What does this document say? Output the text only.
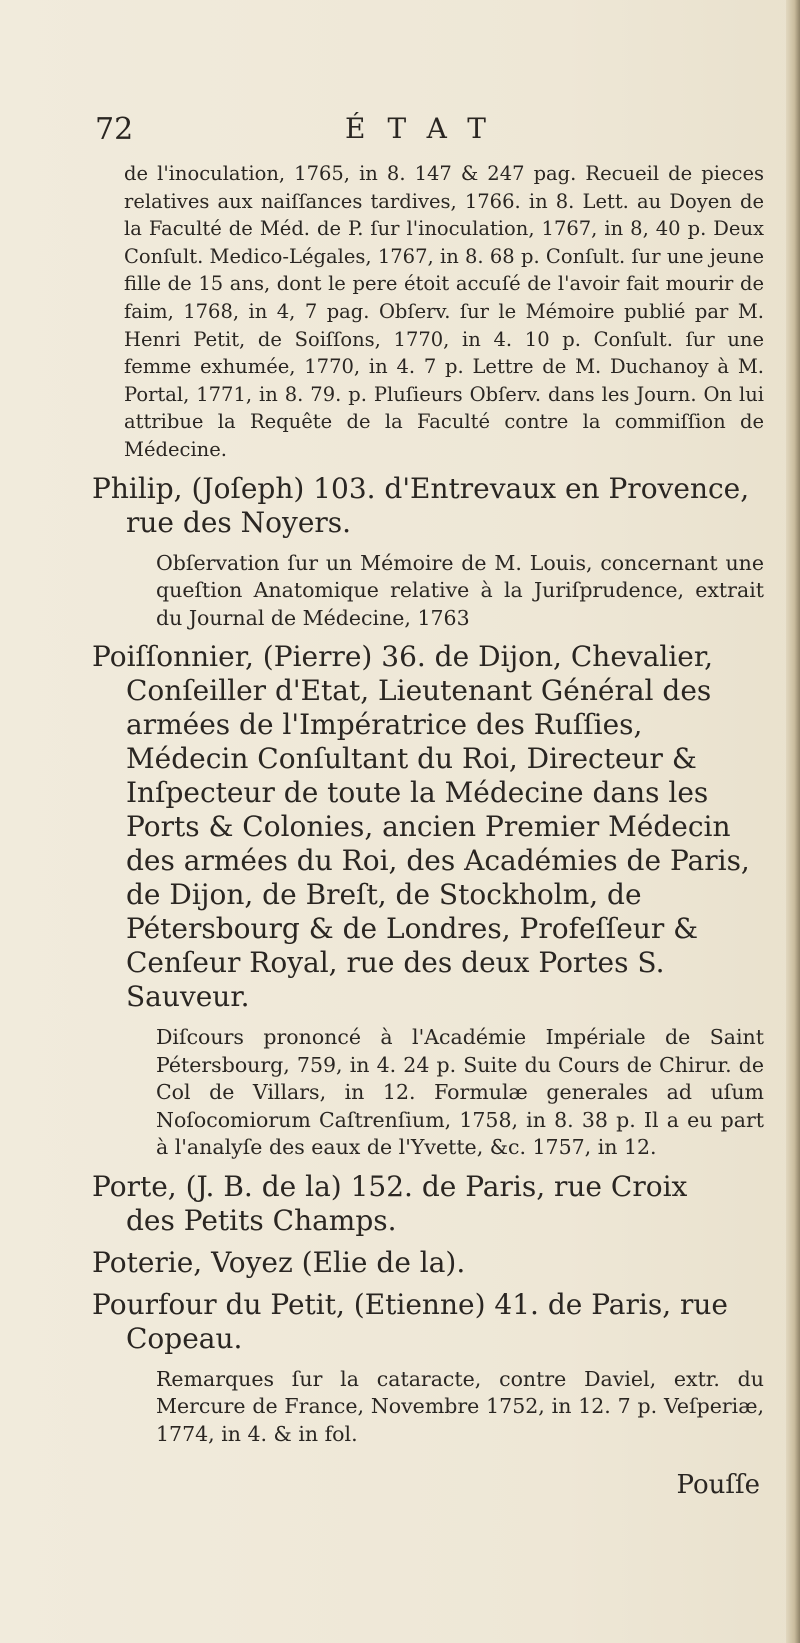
72	ÉTAT
de l'inoculation, 1765, in 8. 147 & 247 pag. Recueil de pieces relatives aux naiſſances tardives, 1766. in 8. Lett. au Doyen de la Faculté de Méd. de P. ſur l'inoculation, 1767, in 8, 40 p. Deux Conſult. Medico-Légales, 1767, in 8. 68 p. Conſult. ſur une jeune fille de 15 ans, dont le pere étoit accuſé de l'avoir fait mourir de faim, 1768, in 4, 7 pag. Obſerv. ſur le Mémoire publié par M. Henri Petit, de Soiſſons, 1770, in 4. 10 p. Conſult. ſur une femme exhumée, 1770, in 4. 7 p. Lettre de M. Duchanoy à M. Portal, 1771, in 8. 79. p. Pluſieurs Obſerv. dans les Journ. On lui attribue la Requête de la Faculté contre la commiſſion de Médecine.
Philip, (Joſeph) 103. d'Entrevaux en Provence,
rue des Noyers.
Obſervation ſur un Mémoire de M. Louis, concernant une queſtion Anatomique relative à la Juriſprudence, extrait du Journal de Médecine, 1763
Poiſſonnier, (Pierre) 36. de Dijon, Chevalier,
Conſeiller d'Etat, Lieutenant Général des armées de l'Impératrice des Ruſſies, Médecin Conſultant du Roi, Directeur & Inſpecteur de toute la Médecine dans les Ports & Colonies, ancien Premier Médecin des armées du Roi, des Académies de Paris, de Dijon, de Breſt, de Stockholm, de Pétersbourg & de Londres, Profeſſeur & Cenſeur Royal, rue des deux Portes S. Sauveur.
Diſcours prononcé à l'Académie Impériale de Saint Pétersbourg, 759, in 4. 24 p. Suite du Cours de Chirur. de Col de Villars, in 12. Formulæ generales ad uſum Noſocomiorum Caſtrenſium, 1758, in 8. 38 p. Il a eu part à l'analyſe des eaux de l'Yvette, &c. 1757, in 12.
Porte, (J. B. de la) 152. de Paris, rue Croix
des Petits Champs.
Poterie, Voyez (Elie de la).
Pourfour du Petit, (Etienne) 41. de Paris, rue
Copeau.
Remarques ſur la cataracte, contre Daviel, extr. du Mercure de France, Novembre 1752, in 12. 7 p. Veſperiæ, 1774, in 4. & in fol.
Pouſſe
